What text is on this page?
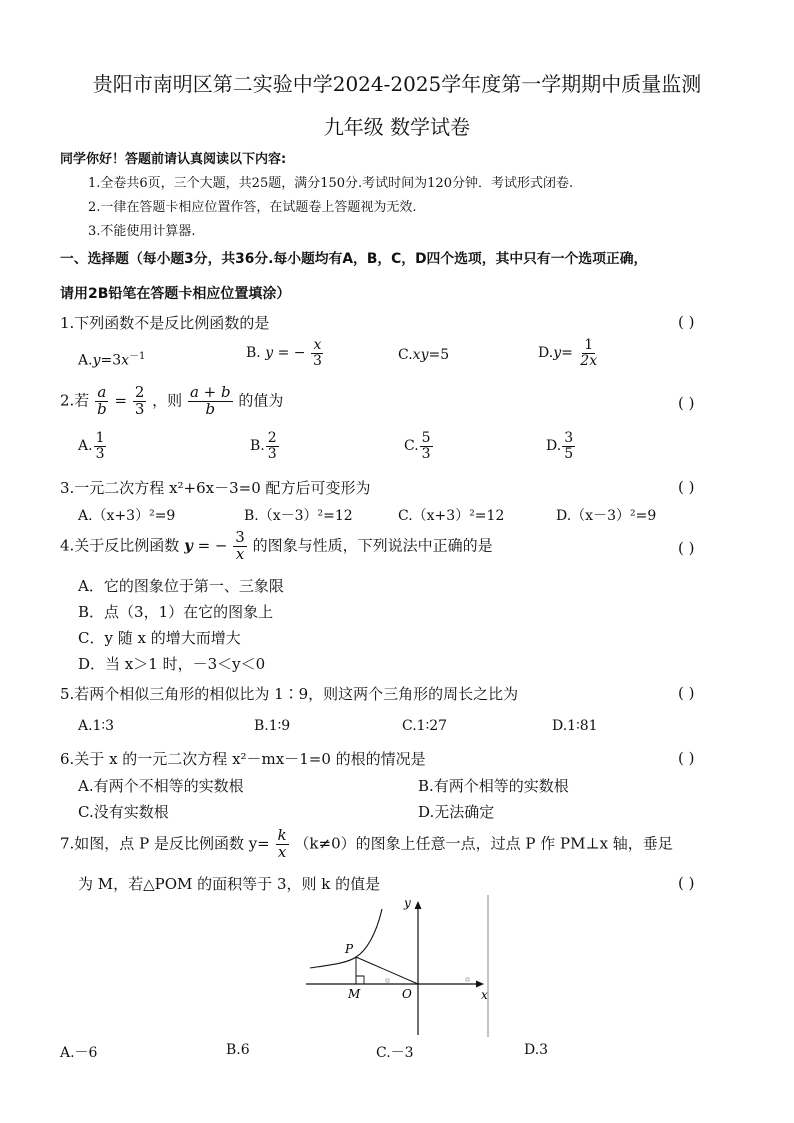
贵阳市南明区第二实验中学2024-2025学年度第一学期期中质量监测
九年级 数学试卷
同学你好！答题前请认真阅读以下内容:
1.全卷共6页，三个大题，共25题，满分150分.考试时间为120分钟．考试形式闭卷.
2.一律在答题卡相应位置作答，在试题卷上答题视为无效.
3.不能使用计算器.
一、选择题（每小题3分，共36分.每小题均有A，B，C，D四个选项，其中只有一个选项正确，
请用2B铅笔在答题卡相应位置填涂）
1.下列函数不是反比例函数的是	( )
$A.y=3x^{-1}$	B. y = − $\frac{x}{3}$	C.xy=5	$D.y= \frac{1}{2x}$
2.若 $\frac{a}{b} = \frac{2}{3}$ ，则 $\frac{a + b}{b}$ 的值为	( )
A. $\frac{1}{3}$	B. $\frac{2}{3}$	C. $\frac{5}{3}$	D. $\frac{3}{5}$
3.一元二次方程 x²+6x－3=0 配方后可变形为	( )
A.（x+3）²=9	B.（x－3）²=12	C.（x+3）²=12	D.（x－3）²=9
4.关于反比例函数 y = − $\frac{3}{x}$ 的图象与性质，下列说法中正确的是	( )
A．它的图象位于第一、三象限
B．点（3，1）在它的图象上
C．y 随 x 的增大而增大
D．当 x＞1 时，－3＜y＜0
5.若两个相似三角形的相似比为 1∶9，则这两个三角形的周长之比为	( )
A.1∶3	B.1∶9	C.1∶27	D.1∶81
6.关于 x 的一元二次方程 x²－mx－1=0 的根的情况是	( )
A.有两个不相等的实数根	B.有两个相等的实数根
C.没有实数根	D.无法确定
7.如图，点 P 是反比例函数 $y= \frac{k}{x} (k\ne 0)$的图象上任意一点，过点 P 作 PM⊥x 轴，垂足
为 M，若△POM 的面积等于 3，则 k 的值是	( )
y
x
P
M	O
A.－6	B.6	C.－3	D.3
